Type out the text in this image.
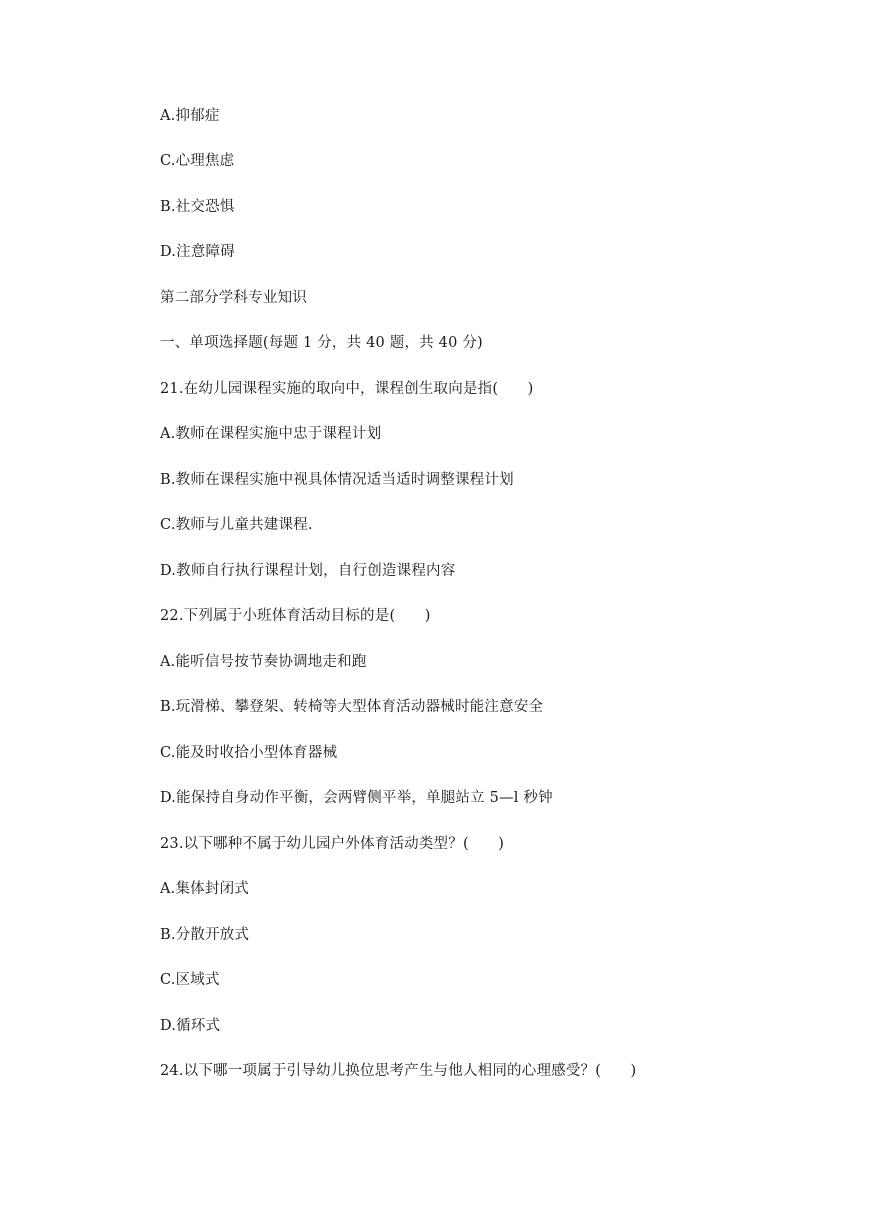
A.抑郁症
C.心理焦虑
B.社交恐惧
D.注意障碍
第二部分学科专业知识
一、单项选择题(每题 1 分，共 40 题，共 40 分)
21.在幼儿园课程实施的取向中，课程创生取向是指(　　)
A.教师在课程实施中忠于课程计划
B.教师在课程实施中视具体情况适当适时调整课程计划
C.教师与儿童共建课程.
D.教师自行执行课程计划，自行创造课程内容
22.下列属于小班体育活动目标的是(　　)
A.能听信号按节奏协调地走和跑
B.玩滑梯、攀登架、转椅等大型体育活动器械时能注意安全
C.能及时收拾小型体育器械
D.能保持自身动作平衡，会两臂侧平举，单腿站立 5—l 秒钟
23.以下哪种不属于幼儿园户外体育活动类型？(　　)
A.集体封闭式
B.分散开放式
C.区域式
D.循环式
24.以下哪一项属于引导幼儿换位思考产生与他人相同的心理感受？(　　)
